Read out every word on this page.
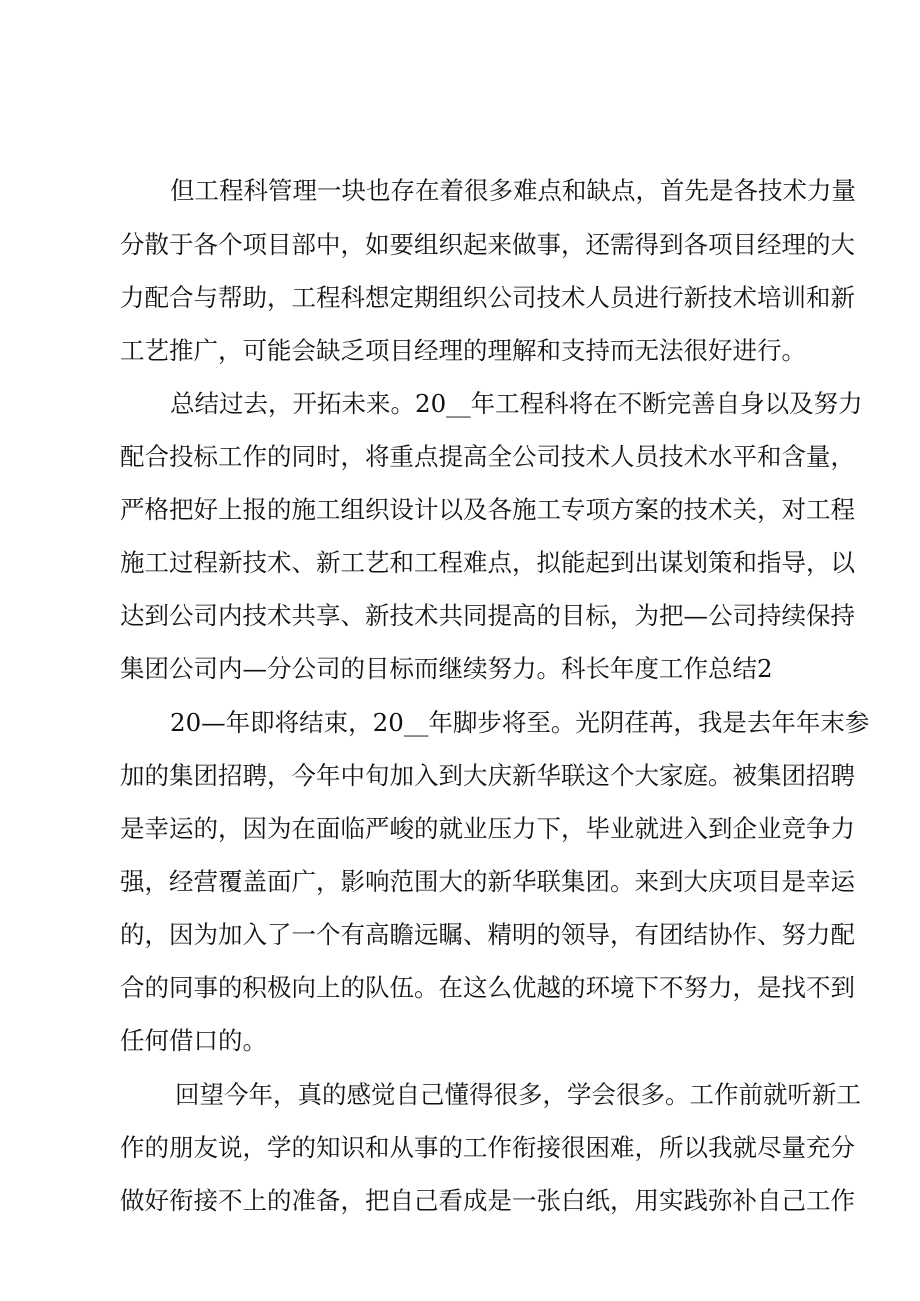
但工程科管理一块也存在着很多难点和缺点，首先是各技术力量
分散于各个项目部中，如要组织起来做事，还需得到各项目经理的大
力配合与帮助，工程科想定期组织公司技术人员进行新技术培训和新
工艺推广，可能会缺乏项目经理的理解和支持而无法很好进行。
总结过去，开拓未来。20__年工程科将在不断完善自身以及努力
配合投标工作的同时，将重点提高全公司技术人员技术水平和含量，
严格把好上报的施工组织设计以及各施工专项方案的技术关，对工程
施工过程新技术、新工艺和工程难点，拟能起到出谋划策和指导，以
达到公司内技术共享、新技术共同提高的目标，为把—公司持续保持
集团公司内—分公司的目标而继续努力。科长年度工作总结2
20—年即将结束，20__年脚步将至。光阴荏苒，我是去年年末参
加的集团招聘，今年中旬加入到大庆新华联这个大家庭。被集团招聘
是幸运的，因为在面临严峻的就业压力下，毕业就进入到企业竞争力
强，经营覆盖面广，影响范围大的新华联集团。来到大庆项目是幸运
的，因为加入了一个有高瞻远瞩、精明的领导，有团结协作、努力配
合的同事的积极向上的队伍。在这么优越的环境下不努力，是找不到
任何借口的。
回望今年，真的感觉自己懂得很多，学会很多。工作前就听新工
作的朋友说，学的知识和从事的工作衔接很困难，所以我就尽量充分
做好衔接不上的准备，把自己看成是一张白纸，用实践弥补自己工作
